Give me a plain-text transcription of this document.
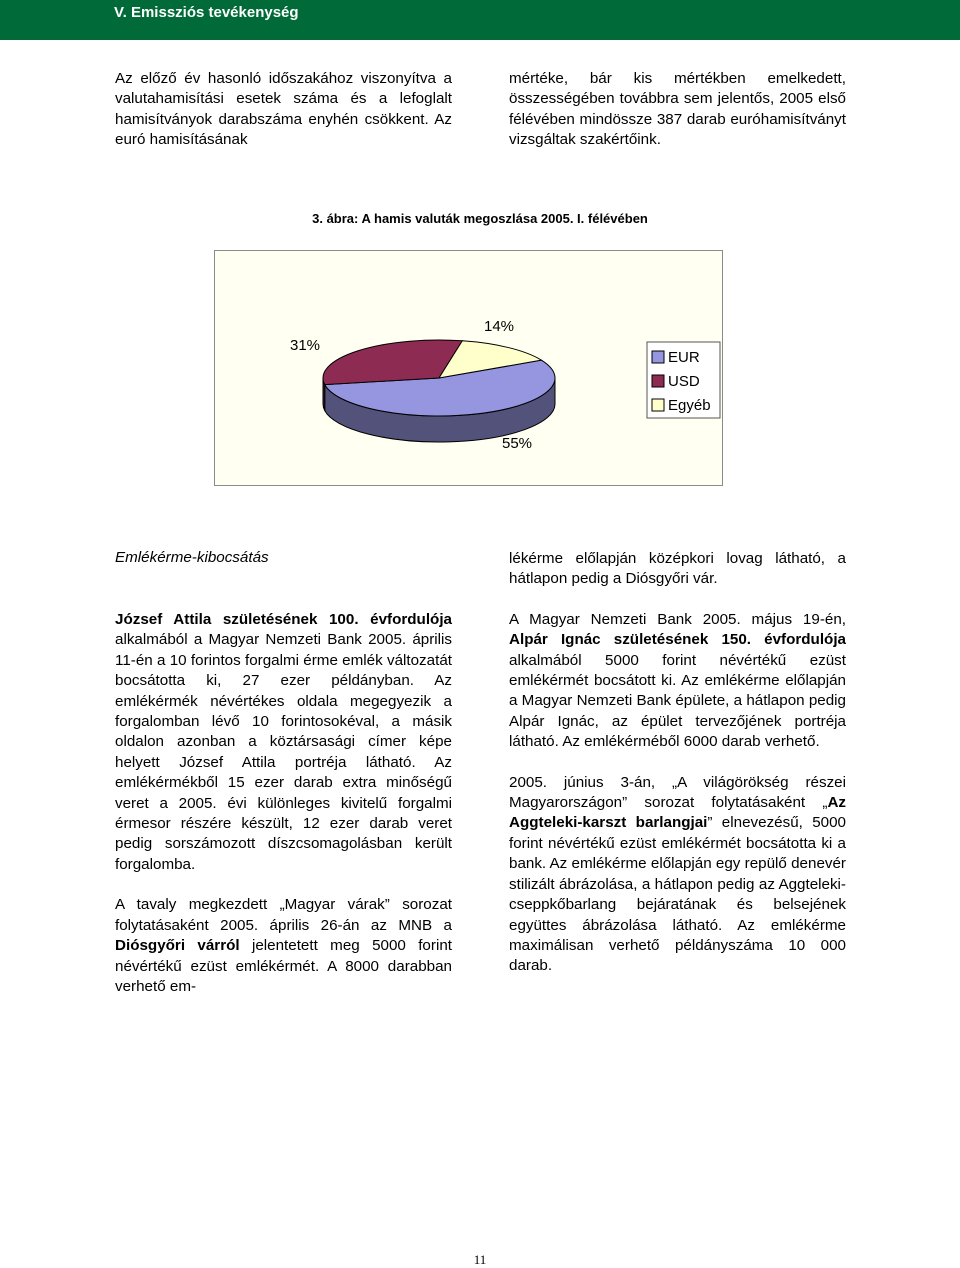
V. Emissziós tevékenység

Az előző év hasonló időszakához viszonyítva a valutahamisítási esetek száma és a lefoglalt hamisítványok darabszáma enyhén csökkent. Az euró hamisításának

mértéke, bár kis mértékben emelkedett, összességében továbbra sem jelentős, 2005 első félévében mindössze 387 darab euróhamisítványt vizsgáltak szakértőink.

3. ábra: A hamis valuták megoszlása 2005. I. félévében
55%
31%
14%
EUR
USD
Egyéb
Emlékérme-kibocsátás

József Attila születésének 100. évfordulója alkalmából a Magyar Nemzeti Bank 2005. április 11-én a 10 forintos forgalmi érme emlék változatát bocsátotta ki, 27 ezer példányban. Az emlékérmék névértékes oldala megegyezik a forgalomban lévő 10 forintosokéval, a másik oldalon azonban a köztársasági címer képe helyett József Attila portréja látható. Az emlékérmékből 15 ezer darab extra minőségű veret a 2005. évi különleges kivitelű forgalmi érmesor részére készült, 12 ezer darab veret pedig sorszámozott díszcsomagolásban került forgalomba.

A tavaly megkezdett „Magyar várak” sorozat folytatásaként 2005. április 26-án az MNB a Diósgyőri várról jelentetett meg 5000 forint névértékű ezüst emlékérmét. A 8000 darabban verhető em-

lékérme előlapján középkori lovag látható, a hátlapon pedig a Diósgyőri vár.

A Magyar Nemzeti Bank 2005. május 19-én, Alpár Ignác születésének 150. évfordulója alkalmából 5000 forint névértékű ezüst emlékérmét bocsátott ki. Az emlékérme előlapján a Magyar Nemzeti Bank épülete, a hátlapon pedig Alpár Ignác, az épület tervezőjének portréja látható. Az emlékérméből 6000 darab verhető.

2005. június 3-án, „A világörökség részei Magyarországon” sorozat folytatásaként „Az Aggteleki-karszt barlangjai” elnevezésű, 5000 forint névértékű ezüst emlékérmét bocsátotta ki a bank. Az emlékérme előlapján egy repülő denevér stilizált ábrázolása, a hátlapon pedig az Aggteleki-cseppkőbarlang bejáratának és belsejének együttes ábrázolása látható. Az emlékérme maximálisan verhető példányszáma 10 000 darab.

11
